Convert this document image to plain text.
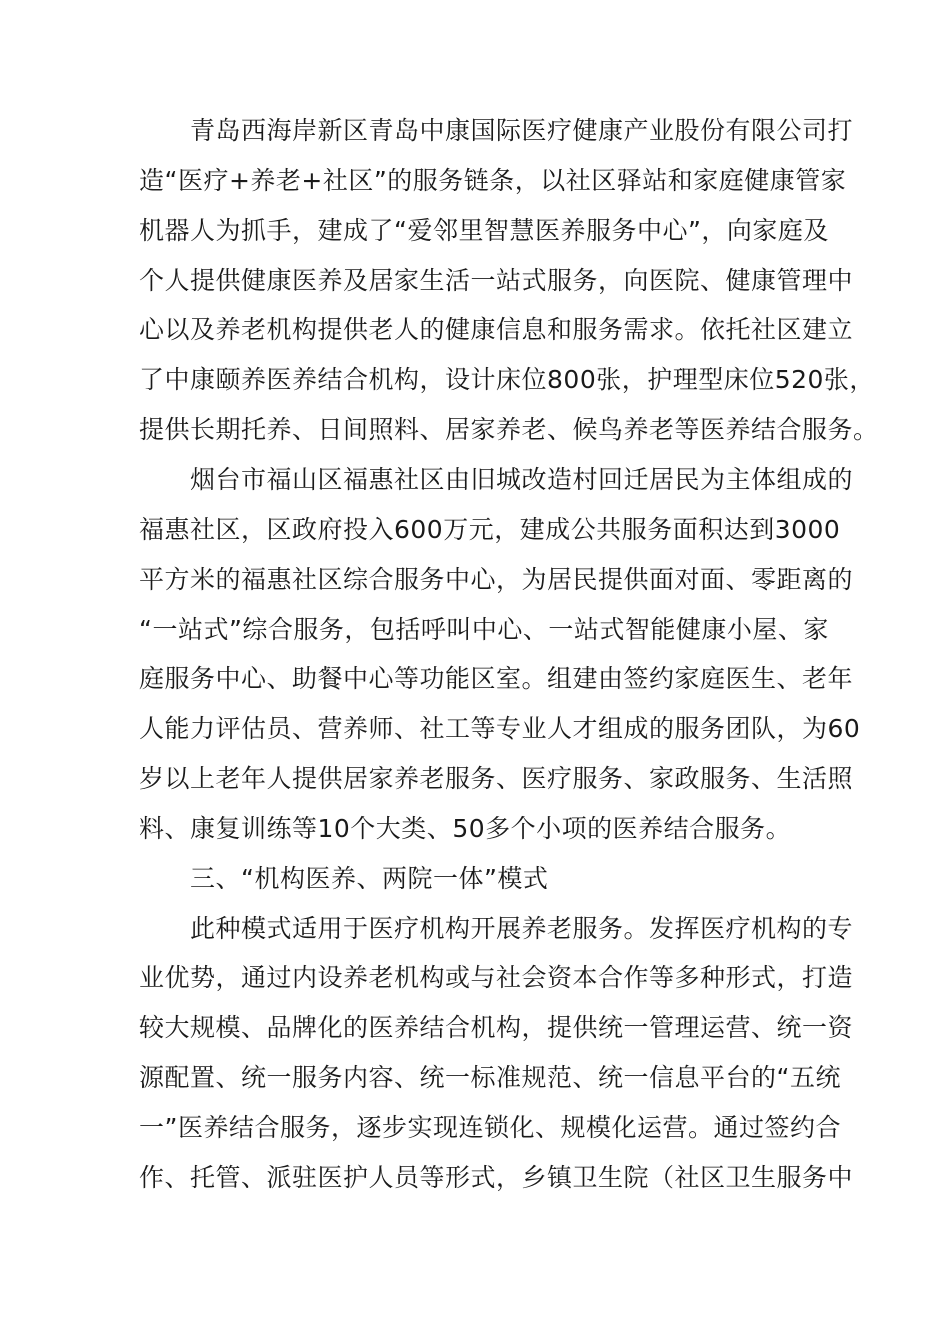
青岛西海岸新区青岛中康国际医疗健康产业股份有限公司打
造“医疗+养老+社区”的服务链条，以社区驿站和家庭健康管家
机器人为抓手，建成了“爱邻里智慧医养服务中心”，向家庭及
个人提供健康医养及居家生活一站式服务，向医院、健康管理中
心以及养老机构提供老人的健康信息和服务需求。依托社区建立
了中康颐养医养结合机构，设计床位800张，护理型床位520张，
提供长期托养、日间照料、居家养老、候鸟养老等医养结合服务。
烟台市福山区福惠社区由旧城改造村回迁居民为主体组成的
福惠社区，区政府投入600万元，建成公共服务面积达到3000
平方米的福惠社区综合服务中心，为居民提供面对面、零距离的
“一站式”综合服务，包括呼叫中心、一站式智能健康小屋、家
庭服务中心、助餐中心等功能区室。组建由签约家庭医生、老年
人能力评估员、营养师、社工等专业人才组成的服务团队，为60
岁以上老年人提供居家养老服务、医疗服务、家政服务、生活照
料、康复训练等10个大类、50多个小项的医养结合服务。
三、“机构医养、两院一体”模式
此种模式适用于医疗机构开展养老服务。发挥医疗机构的专
业优势，通过内设养老机构或与社会资本合作等多种形式，打造
较大规模、品牌化的医养结合机构，提供统一管理运营、统一资
源配置、统一服务内容、统一标准规范、统一信息平台的“五统
一”医养结合服务，逐步实现连锁化、规模化运营。通过签约合
作、托管、派驻医护人员等形式，乡镇卫生院（社区卫生服务中
